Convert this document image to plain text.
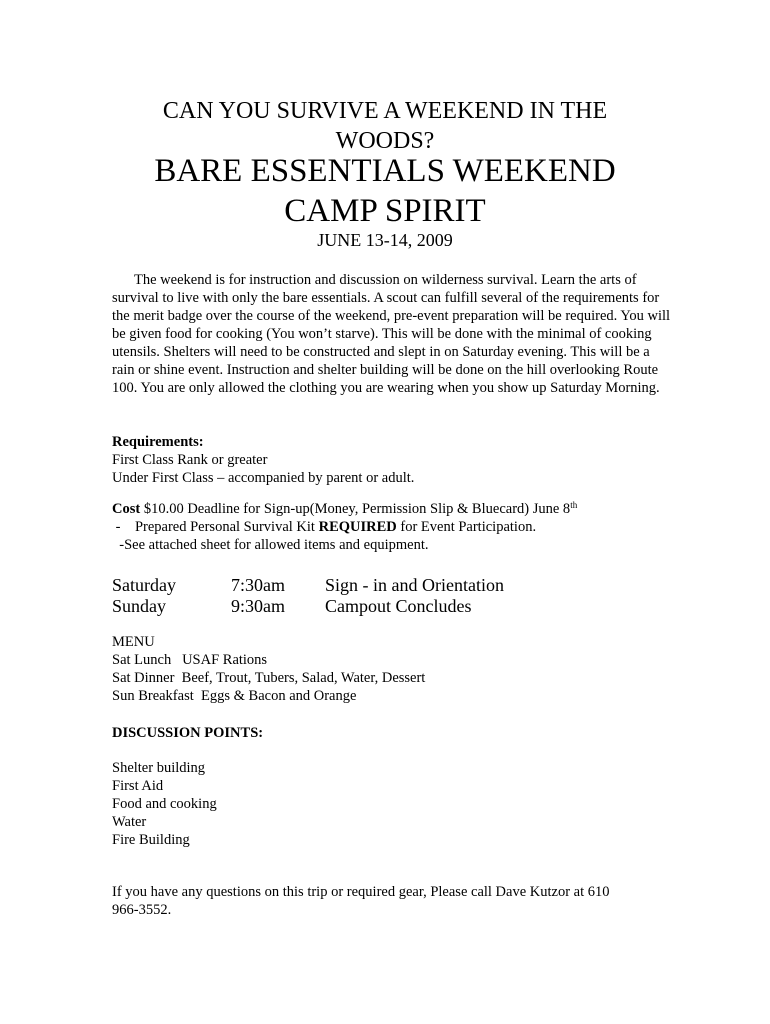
CAN YOU SURVIVE A WEEKEND IN THE
WOODS?
BARE ESSENTIALS WEEKEND
CAMP SPIRIT
JUNE 13-14, 2009
The weekend is for instruction and discussion on wilderness survival. Learn the arts of survival to live with only the bare essentials. A scout can fulfill several of the requirements for the merit badge over the course of the weekend, pre-event preparation will be required. You will be given food for cooking (You won’t starve). This will be done with the minimal of cooking utensils. Shelters will need to be constructed and slept in on Saturday evening. This will be a rain or shine event. Instruction and shelter building will be done on the hill overlooking Route 100. You are only allowed the clothing you are wearing when you show up Saturday Morning.
Requirements:
First Class Rank or greater
Under First Class – accompanied by parent or adult.
Cost $10.00 Deadline for Sign-up(Money, Permission Slip & Bluecard) June 8th
-    Prepared Personal Survival Kit REQUIRED for Event Participation.
-See attached sheet for allowed items and equipment.
Saturday	7:30am	Sign - in and Orientation
Sunday	9:30am	Campout Concludes
MENU
Sat Lunch   USAF Rations
Sat Dinner  Beef, Trout, Tubers, Salad, Water, Dessert
Sun Breakfast  Eggs & Bacon and Orange
DISCUSSION POINTS:
Shelter building
First Aid
Food and cooking
Water
Fire Building
If you have any questions on this trip or required gear, Please call Dave Kutzor at 610
966-3552.
